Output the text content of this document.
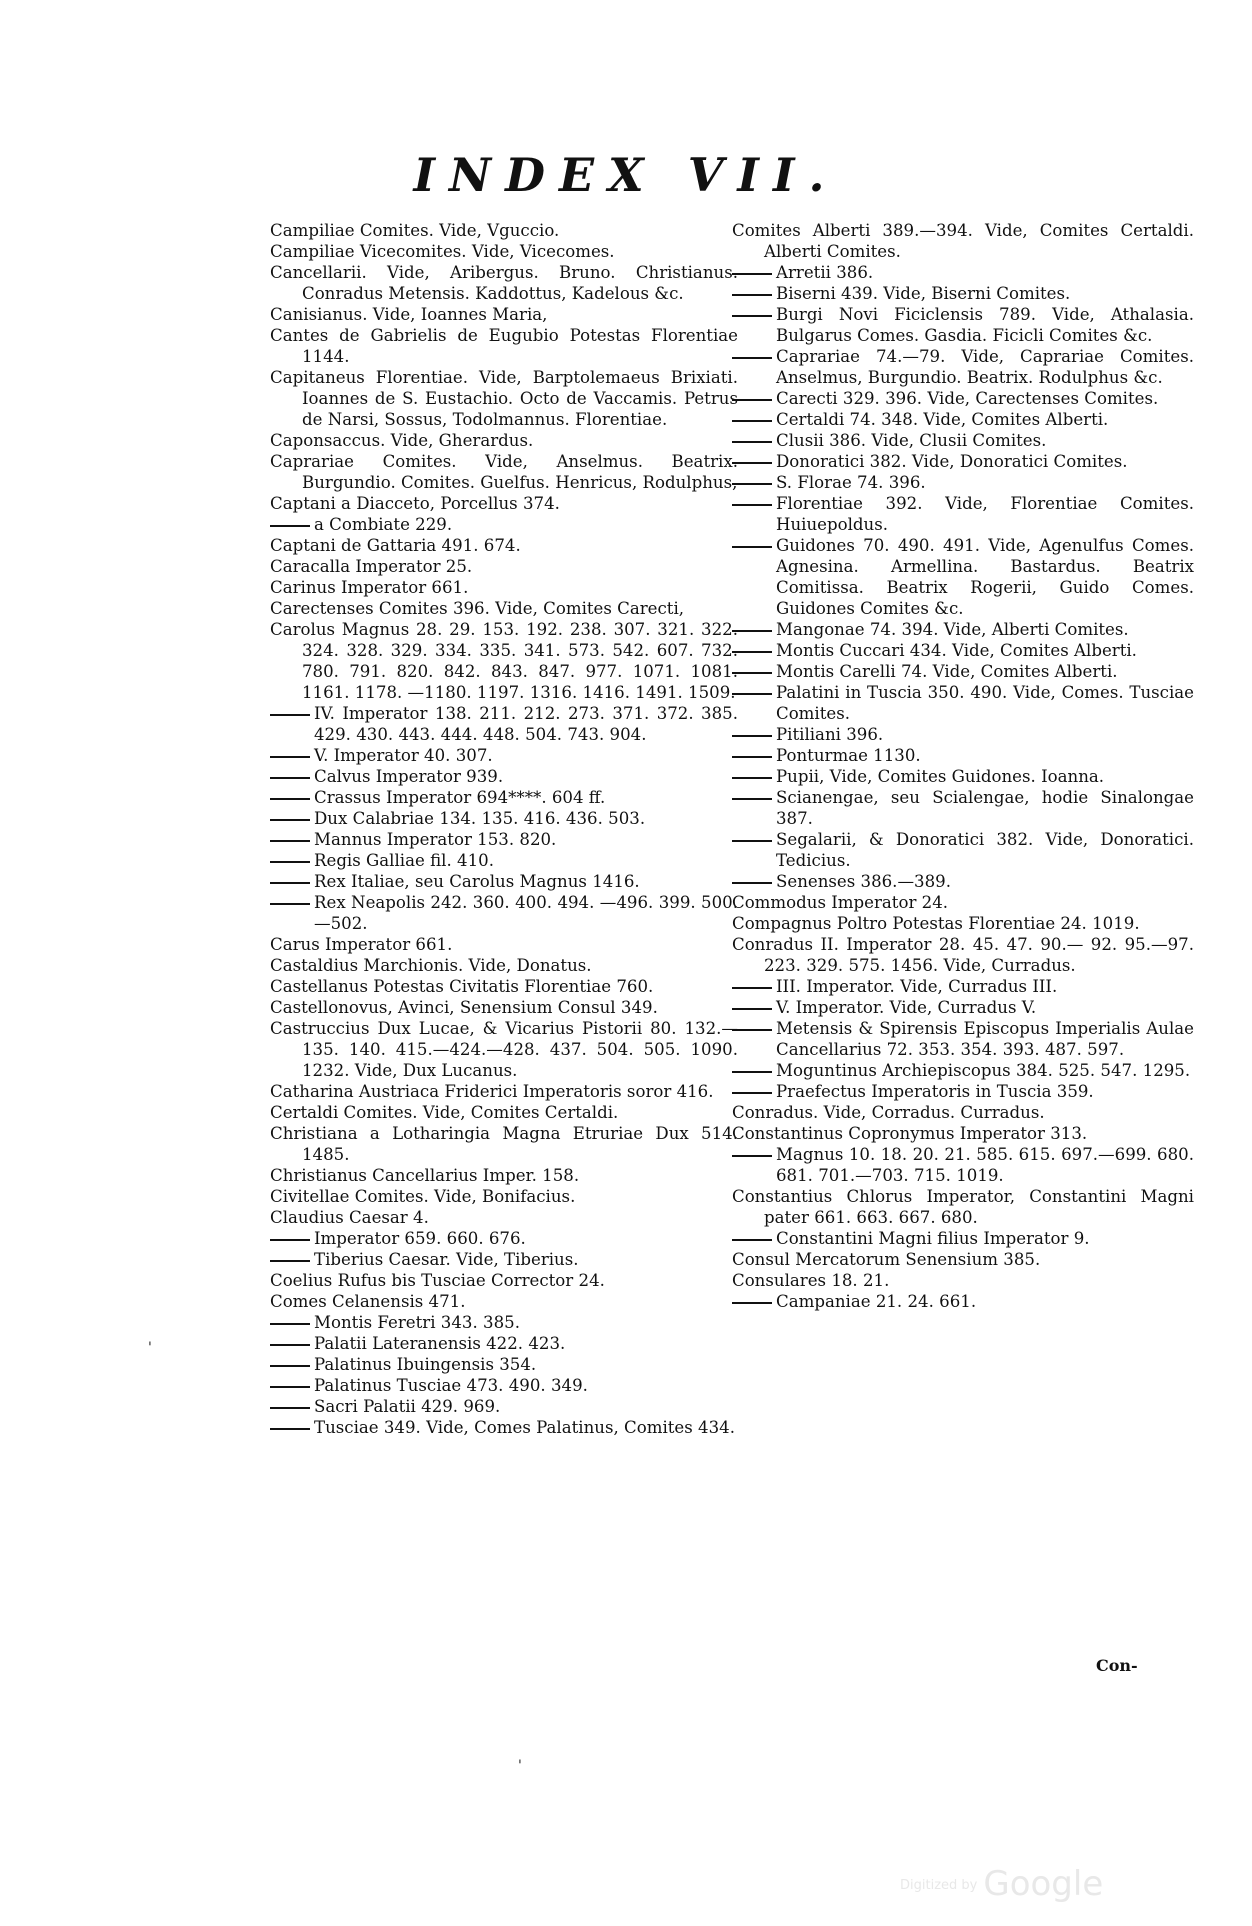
INDEX VII.

Campiliae Comites. Vide, Vguccio.

Campiliae Vicecomites. Vide, Vicecomes.

Cancellarii. Vide, Aribergus. Bruno. Christianus. Conradus Metensis. Kaddottus, Kadelous &c.

Canisianus. Vide, Ioannes Maria,

Cantes de Gabrielis de Eugubio Potestas Florentiae 1144.

Capitaneus Florentiae. Vide, Barptolemaeus Brixiati. Ioannes de S. Eustachio. Octo de Vaccamis. Petrus de Narsi, Sossus, Todolmannus. Florentiae.

Caponsaccus. Vide, Gherardus.

Caprariae Comites. Vide, Anselmus. Beatrix. Burgundio. Comites. Guelfus. Henricus, Rodulphus,

Captani a Diacceto, Porcellus 374.

a Combiate 229.

Captani de Gattaria 491. 674.

Caracalla Imperator 25.

Carinus Imperator 661.

Carectenses Comites 396. Vide, Comites Carecti,

Carolus Magnus 28. 29. 153. 192. 238. 307. 321. 322. 324. 328. 329. 334. 335. 341. 573. 542. 607. 732. 780. 791. 820. 842. 843. 847. 977. 1071. 1081. 1161. 1178. —1180. 1197. 1316. 1416. 1491. 1509.

IV. Imperator 138. 211. 212. 273. 371. 372. 385. 429. 430. 443. 444. 448. 504. 743. 904.

V. Imperator 40. 307.

Calvus Imperator 939.

Crassus Imperator 694****. 604 ff.

Dux Calabriae 134. 135. 416. 436. 503.

Mannus Imperator 153. 820.

Regis Galliae fil. 410.

Rex Italiae, seu Carolus Magnus 1416.

Rex Neapolis 242. 360. 400. 494. —496. 399. 500.—502.

Carus Imperator 661.

Castaldius Marchionis. Vide, Donatus.

Castellanus Potestas Civitatis Florentiae 760.

Castellonovus, Avinci, Senensium Consul 349.

Castruccius Dux Lucae, & Vicarius Pistorii 80. 132.—135. 140. 415.—424.—428. 437. 504. 505. 1090. 1232. Vide, Dux Lucanus.

Catharina Austriaca Friderici Imperatoris soror 416.

Certaldi Comites. Vide, Comites Certaldi.

Christiana a Lotharingia Magna Etruriae Dux 514. 1485.

Christianus Cancellarius Imper. 158.

Civitellae Comites. Vide, Bonifacius.

Claudius Caesar 4.

Imperator 659. 660. 676.

Tiberius Caesar. Vide, Tiberius.

Coelius Rufus bis Tusciae Corrector 24.

Comes Celanensis 471.

Montis Feretri 343. 385.

Palatii Lateranensis 422. 423.

Palatinus Ibuingensis 354.

Palatinus Tusciae 473. 490. 349.

Sacri Palatii 429. 969.

Tusciae 349. Vide, Comes Palatinus, Comites 434.

Comites Alberti 389.—394. Vide, Comites Certaldi. Alberti Comites.

Arretii 386.

Biserni 439. Vide, Biserni Comites.

Burgi Novi Ficiclensis 789. Vide, Athalasia. Bulgarus Comes. Gasdia. Ficicli Comites &c.

Caprariae 74.—79. Vide, Caprariae Comites. Anselmus, Burgundio. Beatrix. Rodulphus &c.

Carecti 329. 396. Vide, Carectenses Comites.

Certaldi 74. 348. Vide, Comites Alberti.

Clusii 386. Vide, Clusii Comites.

Donoratici 382. Vide, Donoratici Comites.

S. Florae 74. 396.

Florentiae 392. Vide, Florentiae Comites. Huiuepoldus.

Guidones 70. 490. 491. Vide, Agenulfus Comes. Agnesina. Armellina. Bastardus. Beatrix Comitissa. Beatrix Rogerii, Guido Comes. Guidones Comites &c.

Mangonae 74. 394. Vide, Alberti Comites.

Montis Cuccari 434. Vide, Comites Alberti.

Montis Carelli 74. Vide, Comites Alberti.

Palatini in Tuscia 350. 490. Vide, Comes. Tusciae Comites.

Pitiliani 396.

Ponturmae 1130.

Pupii, Vide, Comites Guidones. Ioanna.

Scianengae, seu Scialengae, hodie Sinalongae 387.

Segalarii, & Donoratici 382. Vide, Donoratici. Tedicius.

Senenses 386.—389.

Commodus Imperator 24.

Compagnus Poltro Potestas Florentiae 24. 1019.

Conradus II. Imperator 28. 45. 47. 90.— 92. 95.—97. 223. 329. 575. 1456. Vide, Curradus.

III. Imperator. Vide, Curradus III.

V. Imperator. Vide, Curradus V.

Metensis & Spirensis Episcopus Imperialis Aulae Cancellarius 72. 353. 354. 393. 487. 597.

Moguntinus Archiepiscopus 384. 525. 547. 1295.

Praefectus Imperatoris in Tuscia 359.

Conradus. Vide, Corradus. Curradus.

Constantinus Copronymus Imperator 313.

Magnus 10. 18. 20. 21. 585. 615. 697.—699. 680. 681. 701.—703. 715. 1019.

Constantius Chlorus Imperator, Constantini Magni pater 661. 663. 667. 680.

Constantini Magni filius Imperator 9.

Consul Mercatorum Senensium 385.

Consulares 18. 21.

Campaniae 21. 24. 661.

Con-
'
'
Digitized by Google
